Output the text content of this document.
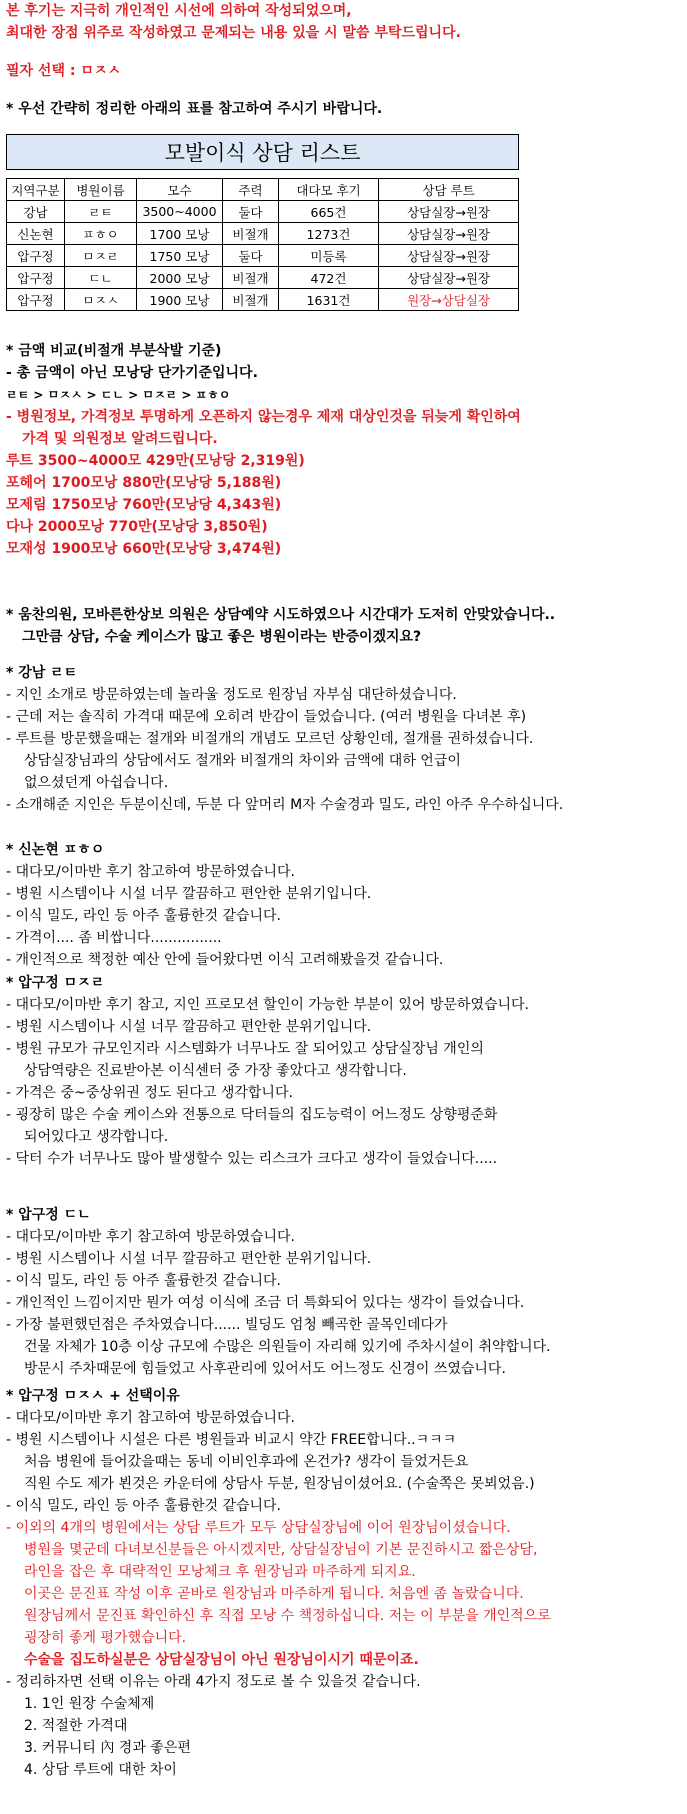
본 후기는 지극히 개인적인 시선에 의하여 작성되었으며,
최대한 장점 위주로 작성하였고 문제되는 내용 있을 시 말씀 부탁드립니다.
필자 선택 : ㅁㅈㅅ
* 우선 간략히 정리한 아래의 표를 참고하여 주시기 바랍니다.
모발이식 상담 리스트					

지역구분	병원이름	모수	주력	대다모 후기	상담 루트
강남	ㄹㅌ	3500~4000	둘다	665건	상담실장→원장
신논현	ㅍㅎㅇ	1700 모낭	비절개	1273건	상담실장→원장
압구정	ㅁㅈㄹ	1750 모낭	둘다	미등록	상담실장→원장
압구정	ㄷㄴ	2000 모낭	비절개	472건	상담실장→원장
압구정	ㅁㅈㅅ	1900 모낭	비절개	1631건	원장→상담실장
* 금액 비교(비절개 부분삭발 기준)
- 총 금액이 아닌 모낭당 단가기준입니다.
ㄹㅌ > ㅁㅈㅅ > ㄷㄴ > ㅁㅈㄹ > ㅍㅎㅇ
- 병원정보, 가격정보 투명하게 오픈하지 않는경우 제재 대상인것을 뒤늦게 확인하여
가격 및 의원정보 알려드립니다.
루트 3500~4000모 429만(모낭당 2,319원)
포헤어 1700모낭 880만(모낭당 5,188원)
모제림 1750모낭 760만(모낭당 4,343원)
다나 2000모낭 770만(모낭당 3,850원)
모재성 1900모낭 660만(모낭당 3,474원)
* 움찬의원, 모바른한상보 의원은 상담예약 시도하였으나 시간대가 도저히 안맞았습니다..
그만큼 상담, 수술 케이스가 많고 좋은 병원이라는 반증이겠지요?
* 강남 ㄹㅌ
- 지인 소개로 방문하였는데 놀라울 정도로 원장님 자부심 대단하셨습니다.
- 근데 저는 솔직히 가격대 때문에 오히려 반감이 들었습니다. (여러 병원을 다녀본 후)
- 루트를 방문했을때는 절개와 비절개의 개념도 모르던 상황인데, 절개를 권하셨습니다.
상담실장님과의 상담에서도 절개와 비절개의 차이와 금액에 대하 언급이
없으셨던게 아쉽습니다.
- 소개해준 지인은 두분이신데, 두분 다 앞머리 M자 수술경과 밀도, 라인 아주 우수하십니다.
* 신논현 ㅍㅎㅇ
- 대다모/이마반 후기 참고하여 방문하였습니다.
- 병원 시스템이나 시설 너무 깔끔하고 편안한 분위기입니다.
- 이식 밀도, 라인 등 아주 훌륭한것 같습니다.
- 가격이.... 좀 비쌉니다................
- 개인적으로 책정한 예산 안에 들어왔다면 이식 고려해봤을것 같습니다.
* 압구정 ㅁㅈㄹ
- 대다모/이마반 후기 참고, 지인 프로모션 할인이 가능한 부분이 있어 방문하였습니다.
- 병원 시스템이나 시설 너무 깔끔하고 편안한 분위기입니다.
- 병원 규모가 규모인지라 시스템화가 너무나도 잘 되어있고 상담실장님 개인의
상담역량은 진료받아본 이식센터 중 가장 좋았다고 생각합니다.
- 가격은 중~중상위권 정도 된다고 생각합니다.
- 굉장히 많은 수술 케이스와 전통으로 닥터들의 집도능력이 어느정도 상향평준화
되어있다고 생각합니다.
- 닥터 수가 너무나도 많아 발생할수 있는 리스크가 크다고 생각이 들었습니다.....
* 압구정 ㄷㄴ
- 대다모/이마반 후기 참고하여 방문하였습니다.
- 병원 시스템이나 시설 너무 깔끔하고 편안한 분위기입니다.
- 이식 밀도, 라인 등 아주 훌륭한것 같습니다.
- 개인적인 느낌이지만 뭔가 여성 이식에 조금 더 특화되어 있다는 생각이 들었습니다.
- 가장 불편했던점은 주차였습니다...... 빌딩도 엄청 빼곡한 골목인데다가
건물 자체가 10층 이상 규모에 수많은 의원들이 자리해 있기에 주차시설이 취약합니다.
방문시 주차때문에 힘들었고 사후관리에 있어서도 어느정도 신경이 쓰였습니다.
* 압구정 ㅁㅈㅅ + 선택이유
- 대다모/이마반 후기 참고하여 방문하였습니다.
- 병원 시스템이나 시설은 다른 병원들과 비교시 약간 FREE합니다..ㅋㅋㅋ
처음 병원에 들어갔을때는 동네 이비인후과에 온건가? 생각이 들었거든요
직원 수도 제가 뵌것은 카운터에 상담사 두분, 원장님이셨어요. (수술쪽은 못뵈었음.)
- 이식 밀도, 라인 등 아주 훌륭한것 같습니다.
- 이외의 4개의 병원에서는 상담 루트가 모두 상담실장님에 이어 원장님이셨습니다.
병원을 몇군데 다녀보신분들은 아시겠지만, 상담실장님이 기본 문진하시고 짧은상담,
라인을 잡은 후 대략적인 모낭체크 후 원장님과 마주하게 되지요.
이곳은 문진표 작성 이후 곧바로 원장님과 마주하게 됩니다. 처음엔 좀 놀랐습니다.
원장님께서 문진표 확인하신 후 직접 모낭 수 책정하십니다. 저는 이 부분을 개인적으로
굉장히 좋게 평가했습니다.
수술을 집도하실분은 상담실장님이 아닌 원장님이시기 때문이죠.
- 정리하자면 선택 이유는 아래 4가지 정도로 볼 수 있을것 같습니다.
1. 1인 원장 수술체제
2. 적절한 가격대
3. 커뮤니티 內 경과 좋은편
4. 상담 루트에 대한 차이
